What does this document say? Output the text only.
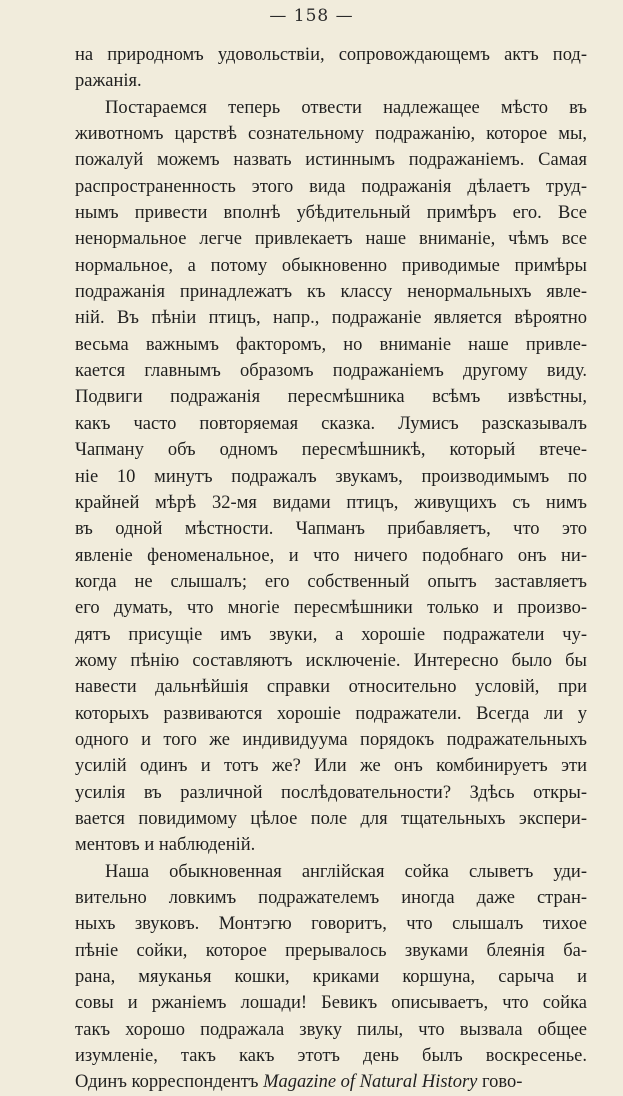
— 158 —
на природномъ удовольствіи, сопровождающемъ актъ под-
ражанія.
Постараемся теперь отвести надлежащее мѣсто въ
животномъ царствѣ сознательному подражанію, которое мы,
пожалуй можемъ назвать истиннымъ подражаніемъ. Самая
распространенность этого вида подражанія дѣлаетъ труд-
нымъ привести вполнѣ убѣдительный примѣръ его. Все
ненормальное легче привлекаетъ наше вниманіе, чѣмъ все
нормальное, а потому обыкновенно приводимые примѣры
подражанія принадлежатъ къ классу ненормальныхъ явле-
ній. Въ пѣніи птицъ, напр., подражаніе является вѣроятно
весьма важнымъ факторомъ, но вниманіе наше привле-
кается главнымъ образомъ подражаніемъ другому виду.
Подвиги подражанія пересмѣшника всѣмъ извѣстны,
какъ часто повторяемая сказка. Лумисъ разсказывалъ
Чапману объ одномъ пересмѣшникѣ, который втече-
ніе 10 минутъ подражалъ звукамъ, производимымъ по
крайней мѣрѣ 32-мя видами птицъ, живущихъ съ нимъ
въ одной мѣстности. Чапманъ прибавляетъ, что это
явленіе феноменальное, и что ничего подобнаго онъ ни-
когда не слышалъ; его собственный опытъ заставляетъ
его думать, что многіе пересмѣшники только и произво-
дятъ присущіе имъ звуки, а хорошіе подражатели чу-
жому пѣнію составляютъ исключеніе. Интересно было бы
навести дальнѣйшія справки относительно условій, при
которыхъ развиваются хорошіе подражатели. Всегда ли у
одного и того же индивидуума порядокъ подражательныхъ
усилій одинъ и тотъ же? Или же онъ комбинируетъ эти
усилія въ различной послѣдовательности? Здѣсь откры-
вается повидимому цѣлое поле для тщательныхъ экспери-
ментовъ и наблюденій.
Наша обыкновенная англійская сойка слыветъ уди-
вительно ловкимъ подражателемъ иногда даже стран-
ныхъ звуковъ. Монтэгю говоритъ, что слышалъ тихое
пѣніе сойки, которое прерывалось звуками блеянія ба-
рана, мяуканья кошки, криками коршуна, сарыча и
совы и ржаніемъ лошади! Бевикъ описываетъ, что сойка
такъ хорошо подражала звуку пилы, что вызвала общее
изумленіе, такъ какъ этотъ день былъ воскресенье.
Одинъ корреспондентъ Magazine of Natural History гово-
